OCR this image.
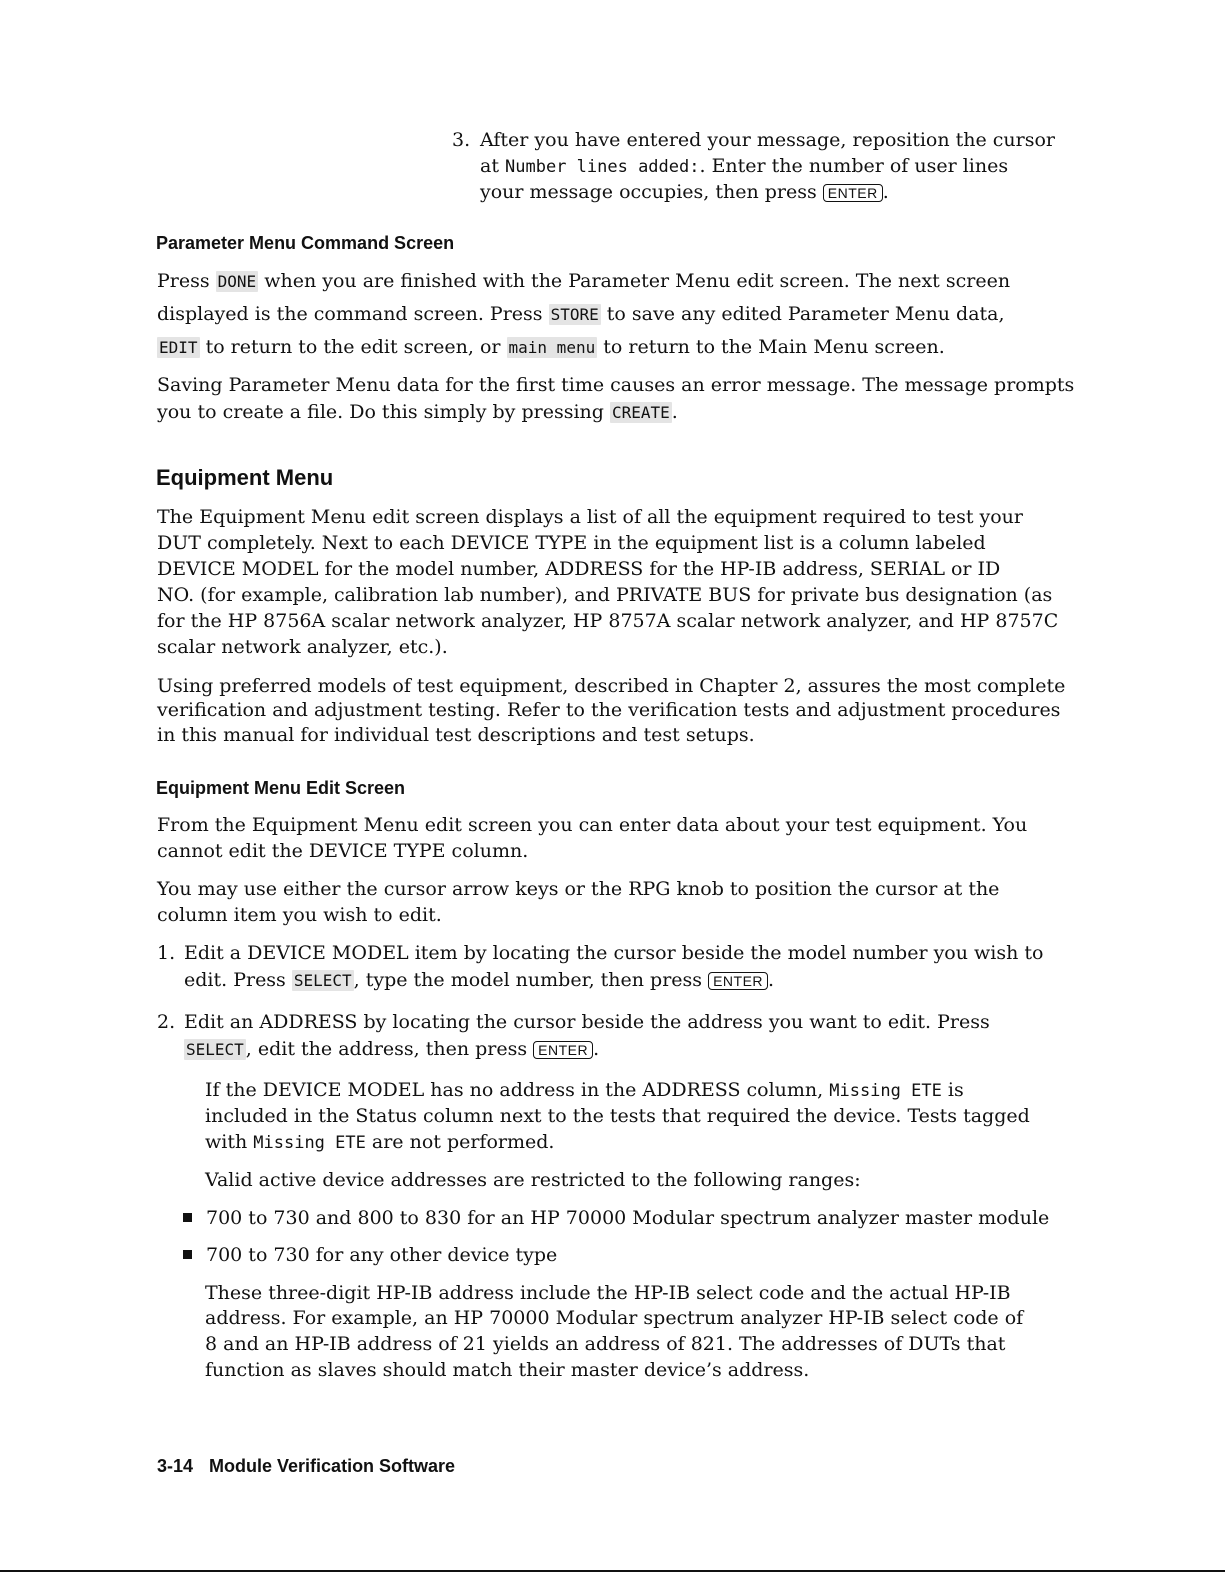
3. After you have entered your message, reposition the cursor
at Number lines added:. Enter the number of user lines
your message occupies, then press ENTER .
Parameter Menu Command Screen
Press DONE when you are finished with the Parameter Menu edit screen. The next screen
displayed is the command screen. Press STORE to save any edited Parameter Menu data,
EDIT to return to the edit screen, or main menu to return to the Main Menu screen.
Saving Parameter Menu data for the first time causes an error message. The message prompts
you to create a file. Do this simply by pressing CREATE .
Equipment Menu
The Equipment Menu edit screen displays a list of all the equipment required to test your
DUT completely. Next to each DEVICE TYPE in the equipment list is a column labeled
DEVICE MODEL for the model number, ADDRESS for the HP-IB address, SERIAL or ID
NO. (for example, calibration lab number), and PRIVATE BUS for private bus designation (as
for the HP 8756A scalar network analyzer, HP 8757A scalar network analyzer, and HP 8757C
scalar network analyzer, etc.).
Using preferred models of test equipment, described in Chapter 2, assures the most complete
verification and adjustment testing. Refer to the verification tests and adjustment procedures
in this manual for individual test descriptions and test setups.
Equipment Menu Edit Screen
From the Equipment Menu edit screen you can enter data about your test equipment. You
cannot edit the DEVICE TYPE column.
You may use either the cursor arrow keys or the RPG knob to position the cursor at the
column item you wish to edit.
1. Edit a DEVICE MODEL item by locating the cursor beside the model number you wish to
edit. Press SELECT , type the model number, then press ENTER .
2. Edit an ADDRESS by locating the cursor beside the address you want to edit. Press
SELECT , edit the address, then press ENTER .
If the DEVICE MODEL has no address in the ADDRESS column, Missing ETE is
included in the Status column next to the tests that required the device. Tests tagged
with Missing ETE are not performed.
Valid active device addresses are restricted to the following ranges:
700 to 730 and 800 to 830 for an HP 70000 Modular spectrum analyzer master module
700 to 730 for any other device type
These three-digit HP-IB address include the HP-IB select code and the actual HP-IB
address. For example, an HP 70000 Modular spectrum analyzer HP-IB select code of
8 and an HP-IB address of 21 yields an address of 821. The addresses of DUTs that
function as slaves should match their master device’s address.
3-14 Module Verification Software
